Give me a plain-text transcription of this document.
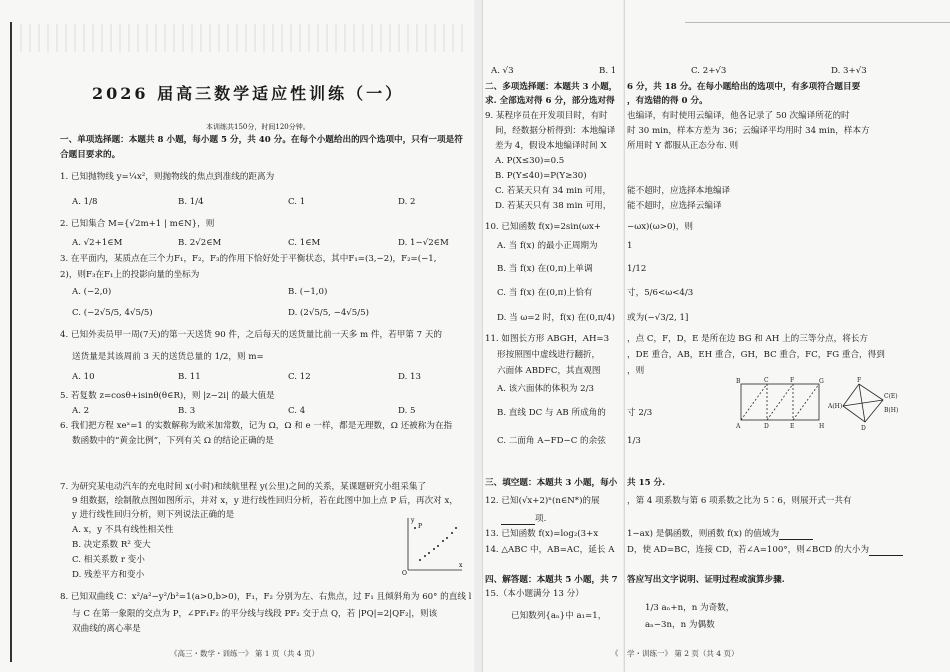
2026 届高三数学适应性训练（一）
本训练共150分，时间120分钟。
一、单项选择题：本题共 8 小题，每小题 5 分，共 40 分。在每个小题给出的四个选项中，只有一项是符
合题目要求的。
1. 已知抛物线 y=¼x²，则抛物线的焦点到准线的距离为
A. 1/8	B. 1/4	C. 1	D. 2
2. 已知集合 M={√2m+1 | m∈N}，则
A. √2+1∈M	B. 2√2∈M	C. 1∈M	D. 1−√2∈M
3. 在平面内，某质点在三个力F₁，F₂，F₃的作用下恰好处于平衡状态，其中F₁=(3,−2)，F₂=(−1,
2)，则F₃在F₁上的投影向量的坐标为
A. (−2,0)	B. (−1,0)
C. (−2√5/5, 4√5/5)	D. (2√5/5, −4√5/5)
4. 已知外卖员甲一周(7天)的第一天送货 90 件，之后每天的送货量比前一天多 m 件，若甲第 7 天的
送货量是其该周前 3 天的送货总量的 1/2，则 m=
A. 10	B. 11	C. 12	D. 13
5. 若复数 z=cosθ+isinθ(θ∈R)，则 |z−2i| 的最大值是
A. 2	B. 3	C. 4	D. 5
6. 我们把方程 xeˣ=1 的实数解称为欧米加常数，记为 Ω，Ω 和 e 一样，都是无理数，Ω 还被称为在指
数函数中的“黄金比例”，下列有关 Ω 的结论正确的是
7. 为研究某电动汽车的充电时间 x(小时)和续航里程 y(公里)之间的关系，某课题研究小组采集了
9 组数据，绘制散点图如图所示，并对 x，y 进行线性回归分析，若在此图中加上点 P 后，再次对 x，
y 进行线性回归分析，则下列说法正确的是
A. x，y 不具有线性相关性
B. 决定系数 R² 变大
C. 相关系数 r 变小
D. 残差平方和变小
y
x
O
P
8. 已知双曲线 C：x²/a²−y²/b²=1(a>0,b>0)，F₁，F₂ 分别为左、右焦点，过 F₁ 且倾斜角为 60° 的直线 l
与 C 在第一象限的交点为 P，∠PF₁F₂ 的平分线与线段 PF₂ 交于点 Q，若 |PQ|=2|QF₂|，则该
双曲线的离心率是
《高三・数学・训练一》 第 1 页（共 4 页）
A. √3	B. 1
二、多项选择题：本题共 3 小题，
求. 全部选对得 6 分，部分选对得
9. 某程序员在开发项目时，有时
间，经数据分析得到：本地编译
差为 4，假设本地编译时间 X
A. P(X≤30)=0.5
B. P(Y≤40)=P(Y≥30)
C. 若某天只有 34 min 可用，
D. 若某天只有 38 min 可用，
10. 已知函数 f(x)=2sin(ωx+
A. 当 f(x) 的最小正周期为
B. 当 f(x) 在(0,π)上单调
C. 当 f(x) 在(0,π)上恰有
D. 当 ω=2 时，f(x) 在(0,π/4)
11. 如图长方形 ABGH，AH=3
形按照图中虚线进行翻折，
六面体 ABDFC，其直观图
A. 该六面体的体积为 2/3
B. 直线 DC 与 AB 所成角的
C. 二面角 A−FD−C 的余弦
三、填空题：本题共 3 小题，每小
12. 已知(√x+2)ⁿ(n∈N*)的展
项.
13. 已知函数 f(x)=log₂(3+x
14. △ABC 中，AB=AC，延长 A
四、解答题：本题共 5 小题，共 7
15.（本小题满分 13 分）
已知数列{aₙ}中 a₁=1，
《
C. 2+√3	D. 3+√3
6 分，共 18 分。在每小题给出的选项中，有多项符合题目要
，有选错的得 0 分。
也编译，有时使用云编译，他各记录了 50 次编译所花的时
时 30 min，样本方差为 36；云编译平均用时 34 min，样本方
所用时 Y 都服从正态分布. 则
能不超时，应选择本地编译
能不超时，应选择云编译
−ωx)(ω>0)，则
1
1/12
寸，5/6<ω<4/3
或为(−√3/2, 1]
，点 C，F，D，E 是所在边 BG 和 AH 上的三等分点，将长方
，DE 重合，AB，EH 重合，GH，BC 重合，FC，FG 重合，得到
，则
B	C	F	G
A	D	E	H
F
C(E)
A(H)
B(H)
D
寸 2/3
1/3
共 15 分.
，第 4 项系数与第 6 项系数之比为 5∶6，则展开式一共有
1−ax) 是偶函数，则函数 f(x) 的值域为
D，使 AD=BC，连接 CD，若∠A=100°，则∠BCD 的大小为
答应写出文字说明、证明过程或演算步骤.
1/3 aₙ+n，n 为奇数，
aₙ−3n，n 为偶数
学・训练一》 第 2 页（共 4 页）
